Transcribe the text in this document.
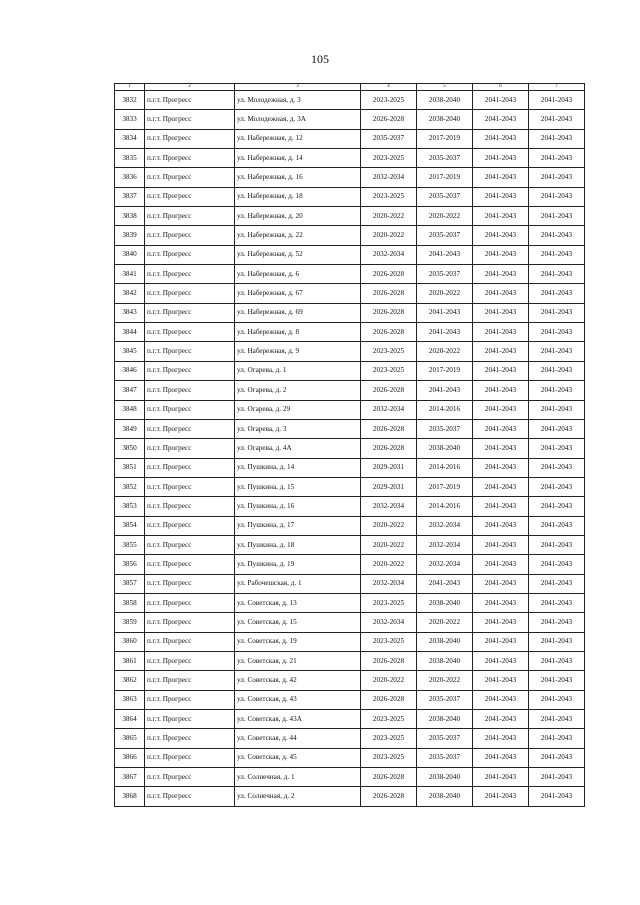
105
1	2	3	4	5	6	7
3832	п.г.т. Прогресс	ул. Молодежная, д. 3	2023-2025	2038-2040	2041-2043	2041-2043
3833	п.г.т. Прогресс	ул. Молодежная, д. 3А	2026-2028	2038-2040	2041-2043	2041-2043
3834	п.г.т. Прогресс	ул. Набережная, д. 12	2035-2037	2017-2019	2041-2043	2041-2043
3835	п.г.т. Прогресс	ул. Набережная, д. 14	2023-2025	2035-2037	2041-2043	2041-2043
3836	п.г.т. Прогресс	ул. Набережная, д. 16	2032-2034	2017-2019	2041-2043	2041-2043
3837	п.г.т. Прогресс	ул. Набережная, д. 18	2023-2025	2035-2037	2041-2043	2041-2043
3838	п.г.т. Прогресс	ул. Набережная, д. 20	2020-2022	2020-2022	2041-2043	2041-2043
3839	п.г.т. Прогресс	ул. Набережная, д. 22	2020-2022	2035-2037	2041-2043	2041-2043
3840	п.г.т. Прогресс	ул. Набережная, д. 52	2032-2034	2041-2043	2041-2043	2041-2043
3841	п.г.т. Прогресс	ул. Набережная, д. 6	2026-2028	2035-2037	2041-2043	2041-2043
3842	п.г.т. Прогресс	ул. Набережная, д. 67	2026-2028	2020-2022	2041-2043	2041-2043
3843	п.г.т. Прогресс	ул. Набережная, д. 69	2026-2028	2041-2043	2041-2043	2041-2043
3844	п.г.т. Прогресс	ул. Набережная, д. 8	2026-2028	2041-2043	2041-2043	2041-2043
3845	п.г.т. Прогресс	ул. Набережная, д. 9	2023-2025	2020-2022	2041-2043	2041-2043
3846	п.г.т. Прогресс	ул. Огарева, д. 1	2023-2025	2017-2019	2041-2043	2041-2043
3847	п.г.т. Прогресс	ул. Огарева, д. 2	2026-2028	2041-2043	2041-2043	2041-2043
3848	п.г.т. Прогресс	ул. Огарева, д. 29	2032-2034	2014-2016	2041-2043	2041-2043
3849	п.г.т. Прогресс	ул. Огарева, д. 3	2026-2028	2035-2037	2041-2043	2041-2043
3850	п.г.т. Прогресс	ул. Огарева, д. 4А	2026-2028	2038-2040	2041-2043	2041-2043
3851	п.г.т. Прогресс	ул. Пушкина, д. 14	2029-2031	2014-2016	2041-2043	2041-2043
3852	п.г.т. Прогресс	ул. Пушкина, д. 15	2029-2031	2017-2019	2041-2043	2041-2043
3853	п.г.т. Прогресс	ул. Пушкина, д. 16	2032-2034	2014-2016	2041-2043	2041-2043
3854	п.г.т. Прогресс	ул. Пушкина, д. 17	2020-2022	2032-2034	2041-2043	2041-2043
3855	п.г.т. Прогресс	ул. Пушкина, д. 18	2020-2022	2032-2034	2041-2043	2041-2043
3856	п.г.т. Прогресс	ул. Пушкина, д. 19	2020-2022	2032-2034	2041-2043	2041-2043
3857	п.г.т. Прогресс	ул. Рабочешская, д. 1	2032-2034	2041-2043	2041-2043	2041-2043
3858	п.г.т. Прогресс	ул. Советская, д. 13	2023-2025	2038-2040	2041-2043	2041-2043
3859	п.г.т. Прогресс	ул. Советская, д. 15	2032-2034	2020-2022	2041-2043	2041-2043
3860	п.г.т. Прогресс	ул. Советская, д. 19	2023-2025	2038-2040	2041-2043	2041-2043
3861	п.г.т. Прогресс	ул. Советская, д. 21	2026-2028	2038-2040	2041-2043	2041-2043
3862	п.г.т. Прогресс	ул. Советская, д. 42	2020-2022	2020-2022	2041-2043	2041-2043
3863	п.г.т. Прогресс	ул. Советская, д. 43	2026-2028	2035-2037	2041-2043	2041-2043
3864	п.г.т. Прогресс	ул. Советская, д. 43А	2023-2025	2038-2040	2041-2043	2041-2043
3865	п.г.т. Прогресс	ул. Советская, д. 44	2023-2025	2035-2037	2041-2043	2041-2043
3866	п.г.т. Прогресс	ул. Советская, д. 45	2023-2025	2035-2037	2041-2043	2041-2043
3867	п.г.т. Прогресс	ул. Солнечная, д. 1	2026-2028	2038-2040	2041-2043	2041-2043
3868	п.г.т. Прогресс	ул. Солнечная, д. 2	2026-2028	2038-2040	2041-2043	2041-2043
